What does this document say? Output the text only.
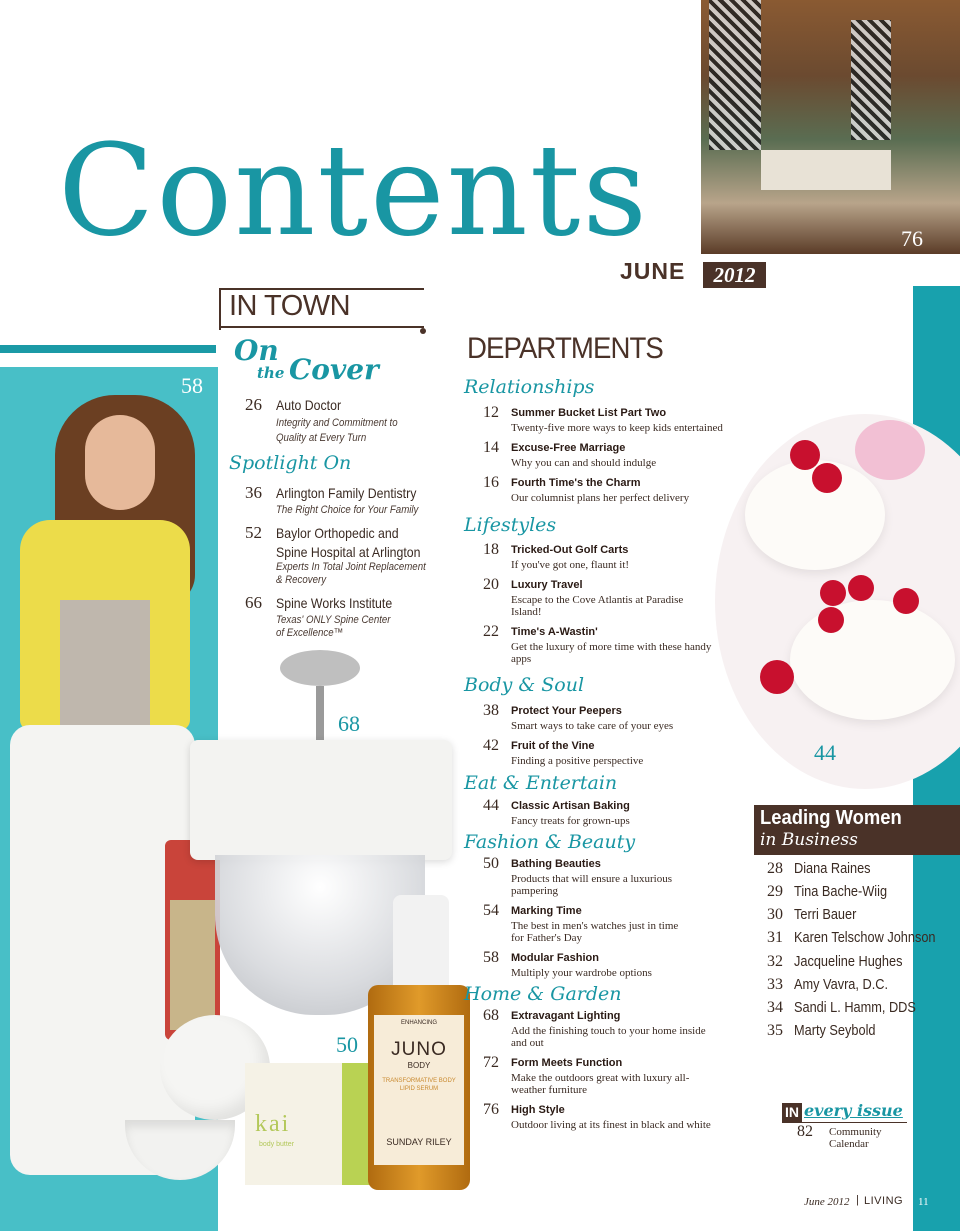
76
58
68
kai
body butter
ENHANCING
JUNO
BODY
TRANSFORMATIVE BODY LIPID SERUM
SUNDAY RILEY
50
44
Contents
JUNE	2012
IN TOWN
On
the Cover
26 Auto Doctor
Integrity and Commitment to
Quality at Every Turn
Spotlight On
36 Arlington Family Dentistry
The Right Choice for Your Family
52 Baylor Orthopedic and
Spine Hospital at Arlington
Experts In Total Joint Replacement
& Recovery
66 Spine Works Institute
Texas' ONLY Spine Center
of Excellence™
DEPARTMENTS
Relationships
12 Summer Bucket List Part Two
Twenty-five more ways to keep kids entertained
14 Excuse-Free Marriage
Why you can and should indulge
16 Fourth Time's the Charm
Our columnist plans her perfect delivery
Lifestyles
18 Tricked-Out Golf Carts
If you've got one, flaunt it!
20 Luxury Travel
Escape to the Cove Atlantis at Paradise Island!
22 Time's A-Wastin'
Get the luxury of more time with these handy apps
Body & Soul
38 Protect Your Peepers
Smart ways to take care of your eyes
42 Fruit of the Vine
Finding a positive perspective
Eat & Entertain
44 Classic Artisan Baking
Fancy treats for grown-ups
Fashion & Beauty
50 Bathing Beauties
Products that will ensure a luxurious pampering
54 Marking Time
The best in men's watches just in time for Father's Day
58 Modular Fashion
Multiply your wardrobe options
Home & Garden
68 Extravagant Lighting
Add the finishing touch to your home inside and out
72 Form Meets Function
Make the outdoors great with luxury all-weather furniture
76 High Style
Outdoor living at its finest in black and white
Leading Women
in Business
28 Diana Raines
29 Tina Bache-Wiig
30 Terri Bauer
31 Karen Telschow Johnson
32 Jacqueline Hughes
33 Amy Vavra, D.C.
34 Sandi L. Hamm, DDS
35 Marty Seybold
IN every issue
82 Community
Calendar
June 2012 | LIVING 11
